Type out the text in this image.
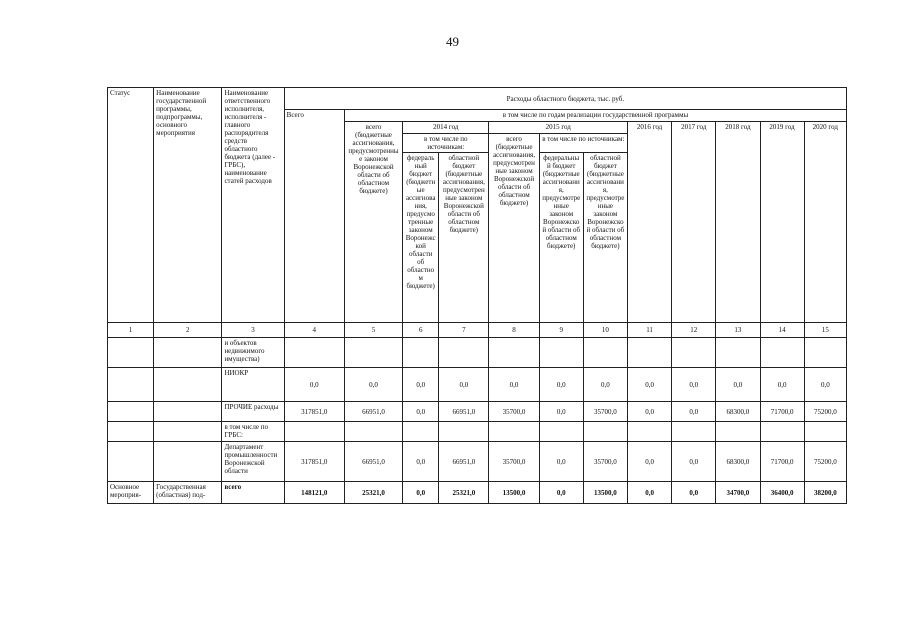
49
Статус	Наименование государственной программы, подпрограммы, основного мероприятия	Наименование ответственного исполнителя, исполнителя - главного распорядителя средств областного бюджета (далее - ГРБС), наименование статей расходов	Расходы областного бюджета, тыс. руб.											
			Всего	в том числе по годам реализации государственной программы										
				всего (бюджетные ассигнования, предусмотренные законом Воронежской области об областном бюджете)	2014 год		2015 год			2016 год	2017 год	2018 год	2019 год	2020 год
					в том числе по источникам:		всего (бюджетные ассигнования, предусмотренные законом Воронежской области об областном бюджете)	в том числе по источникам:						
					федеральный бюджет (бюджетные ассигнования, предусмотренные законом Воронежской области об областном бюджете)	областной бюджет (бюджетные ассигнования, предусмотренные законом Воронежской области об областном бюджете)		федеральный бюджет (бюджетные ассигнования, предусмотренные законом Воронежской области об областном бюджете)	областной бюджет (бюджетные ассигнования, предусмотренные законом Воронежской области об областном бюджете)					
1	2	3	4	5	6	7	8	9	10	11	12	13	14	15
		и объектов недвижимого имущества)												
		НИОКР	0,0	0,0	0,0	0,0	0,0	0,0	0,0	0,0	0,0	0,0	0,0	0,0
		ПРОЧИЕ расходы	317851,0	66951,0	0,0	66951,0	35700,0	0,0	35700,0	0,0	0,0	68300,0	71700,0	75200,0
		в том числе по ГРБС:												
		Департамент промышленности Воронежской области	317851,0	66951,0	0,0	66951,0	35700,0	0,0	35700,0	0,0	0,0	68300,0	71700,0	75200,0
Основное мероприя-	Государственная (областная) под-	всего	148121,0	25321,0	0,0	25321,0	13500,0	0,0	13500,0	0,0	0,0	34700,0	36400,0	38200,0
